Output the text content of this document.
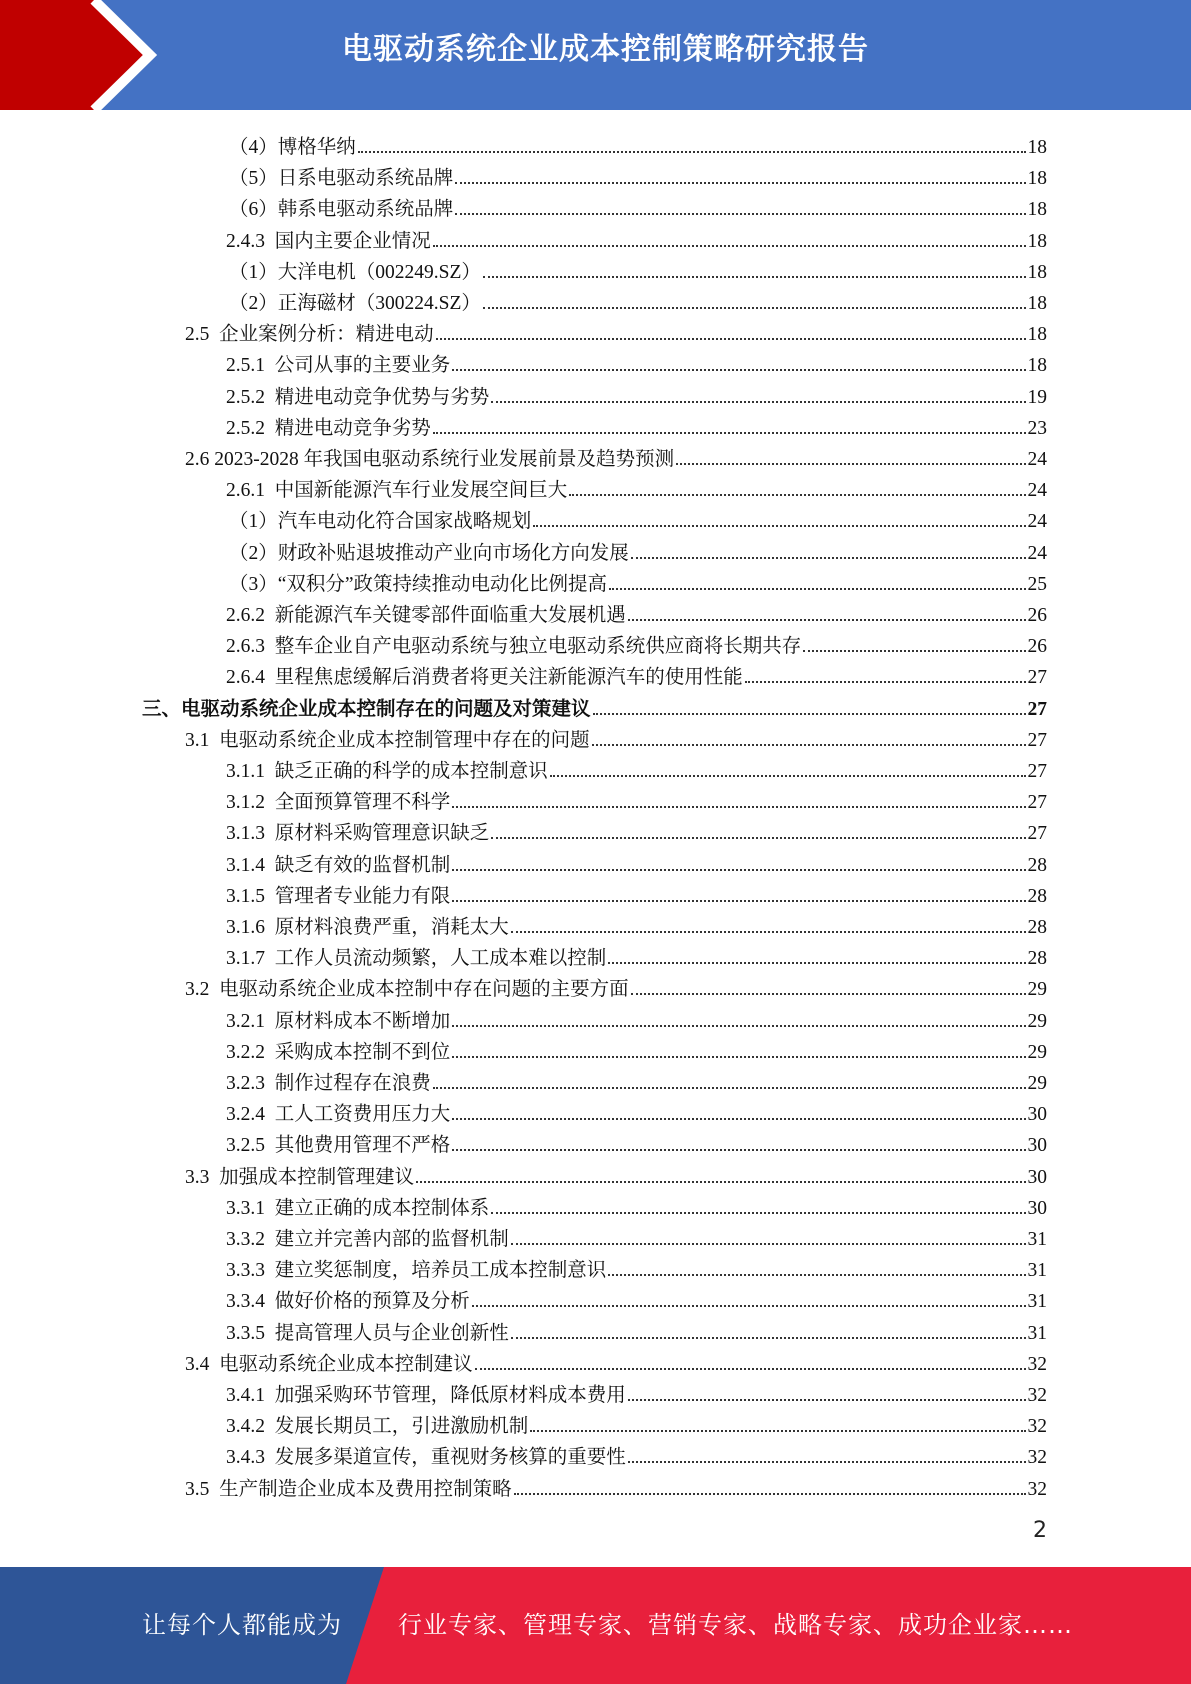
电驱动系统企业成本控制策略研究报告
（4）博格华纳	18
（5）日系电驱动系统品牌	18
（6）韩系电驱动系统品牌	18
2.4.3  国内主要企业情况	18
（1）大洋电机（002249.SZ）	18
（2）正海磁材（300224.SZ）	18
2.5  企业案例分析：精进电动	18
2.5.1  公司从事的主要业务	18
2.5.2  精进电动竞争优势与劣势	19
2.5.2  精进电动竞争劣势	23
2.6 2023-2028 年我国电驱动系统行业发展前景及趋势预测	24
2.6.1  中国新能源汽车行业发展空间巨大	24
（1）汽车电动化符合国家战略规划	24
（2）财政补贴退坡推动产业向市场化方向发展	24
（3）“双积分”政策持续推动电动化比例提高	25
2.6.2  新能源汽车关键零部件面临重大发展机遇	26
2.6.3  整车企业自产电驱动系统与独立电驱动系统供应商将长期共存	26
2.6.4  里程焦虑缓解后消费者将更关注新能源汽车的使用性能	27
三、电驱动系统企业成本控制存在的问题及对策建议	27
3.1  电驱动系统企业成本控制管理中存在的问题	27
3.1.1  缺乏正确的科学的成本控制意识	27
3.1.2  全面预算管理不科学	27
3.1.3  原材料采购管理意识缺乏	27
3.1.4  缺乏有效的监督机制	28
3.1.5  管理者专业能力有限	28
3.1.6  原材料浪费严重，消耗太大	28
3.1.7  工作人员流动频繁，人工成本难以控制	28
3.2  电驱动系统企业成本控制中存在问题的主要方面	29
3.2.1  原材料成本不断增加	29
3.2.2  采购成本控制不到位	29
3.2.3  制作过程存在浪费	29
3.2.4  工人工资费用压力大	30
3.2.5  其他费用管理不严格	30
3.3  加强成本控制管理建议	30
3.3.1  建立正确的成本控制体系	30
3.3.2  建立并完善内部的监督机制	31
3.3.3  建立奖惩制度，培养员工成本控制意识	31
3.3.4  做好价格的预算及分析	31
3.3.5  提高管理人员与企业创新性	31
3.4  电驱动系统企业成本控制建议	32
3.4.1  加强采购环节管理，降低原材料成本费用	32
3.4.2  发展长期员工，引进激励机制	32
3.4.3  发展多渠道宣传，重视财务核算的重要性	32
3.5  生产制造企业成本及费用控制策略	32
2
让每个人都能成为 行业专家、管理专家、营销专家、战略专家、成功企业家……
